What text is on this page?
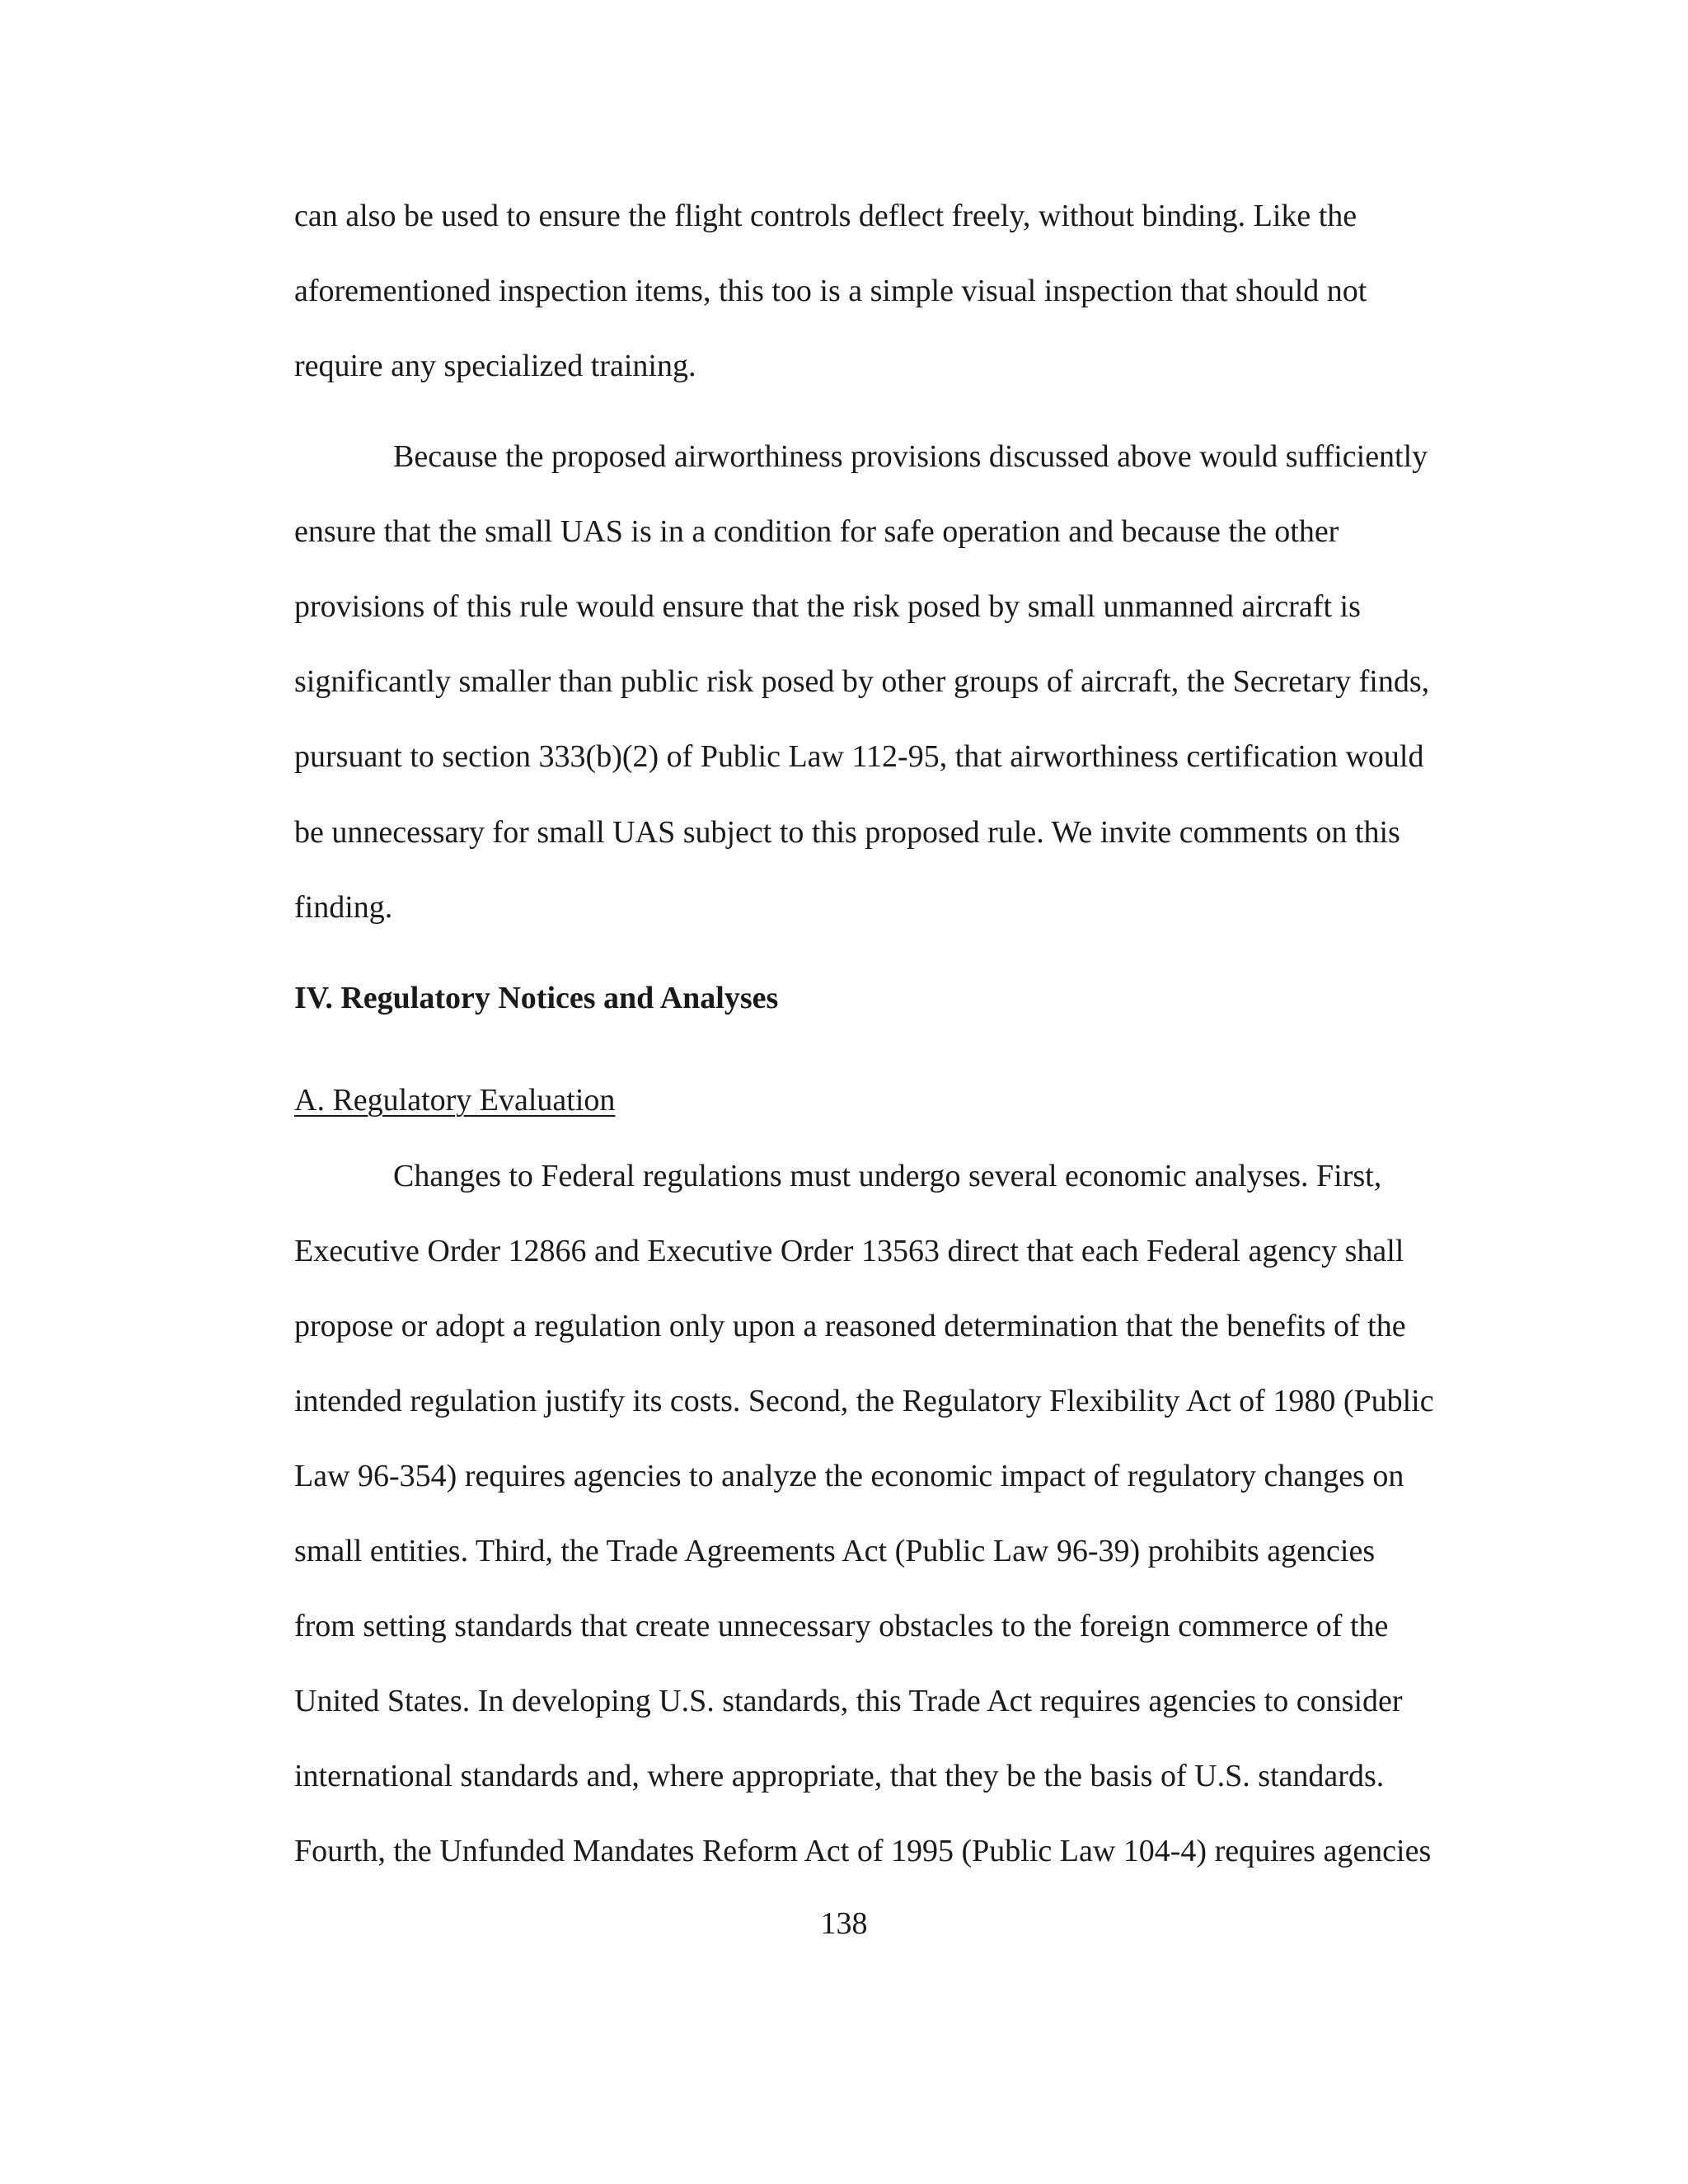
can also be used to ensure the flight controls deflect freely, without binding. Like the
aforementioned inspection items, this too is a simple visual inspection that should not
require any specialized training.
Because the proposed airworthiness provisions discussed above would sufficiently
ensure that the small UAS is in a condition for safe operation and because the other
provisions of this rule would ensure that the risk posed by small unmanned aircraft is
significantly smaller than public risk posed by other groups of aircraft, the Secretary finds,
pursuant to section 333(b)(2) of Public Law 112-95, that airworthiness certification would
be unnecessary for small UAS subject to this proposed rule. We invite comments on this
finding.
IV. Regulatory Notices and Analyses
A. Regulatory Evaluation
Changes to Federal regulations must undergo several economic analyses. First,
Executive Order 12866 and Executive Order 13563 direct that each Federal agency shall
propose or adopt a regulation only upon a reasoned determination that the benefits of the
intended regulation justify its costs. Second, the Regulatory Flexibility Act of 1980 (Public
Law 96-354) requires agencies to analyze the economic impact of regulatory changes on
small entities. Third, the Trade Agreements Act (Public Law 96-39) prohibits agencies
from setting standards that create unnecessary obstacles to the foreign commerce of the
United States. In developing U.S. standards, this Trade Act requires agencies to consider
international standards and, where appropriate, that they be the basis of U.S. standards.
Fourth, the Unfunded Mandates Reform Act of 1995 (Public Law 104-4) requires agencies
138
